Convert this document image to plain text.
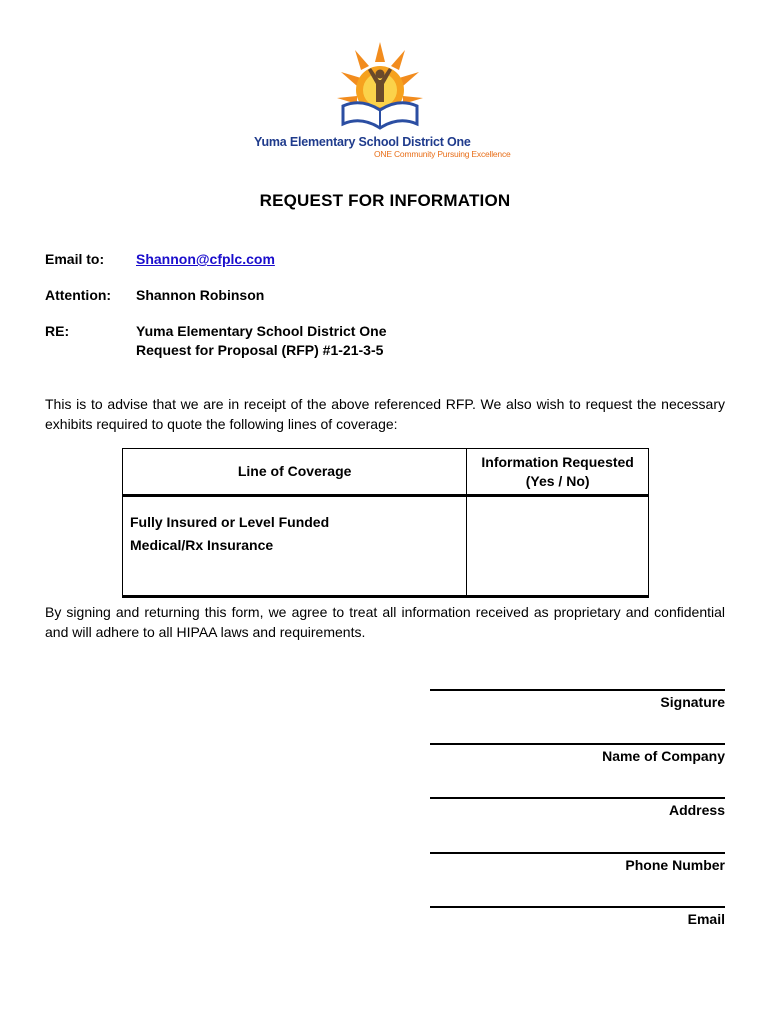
Yuma Elementary School District One
ONE Community Pursuing Excellence
REQUEST FOR INFORMATION
Email to: Shannon@cfplc.com
Attention: Shannon Robinson
RE:	Yuma Elementary School District One
Request for Proposal (RFP) #1-21-3-5
This is to advise that we are in receipt of the above referenced RFP. We also wish to request the necessary exhibits required to quote the following lines of coverage:
Line of Coverage	Information Requested
(Yes / No)

Fully Insured or Level Funded
Medical/Rx Insurance	

By signing and returning this form, we agree to treat all information received as proprietary and confidential and will adhere to all HIPAA laws and requirements.
Signature
Name of Company
Address
Phone Number
Email
